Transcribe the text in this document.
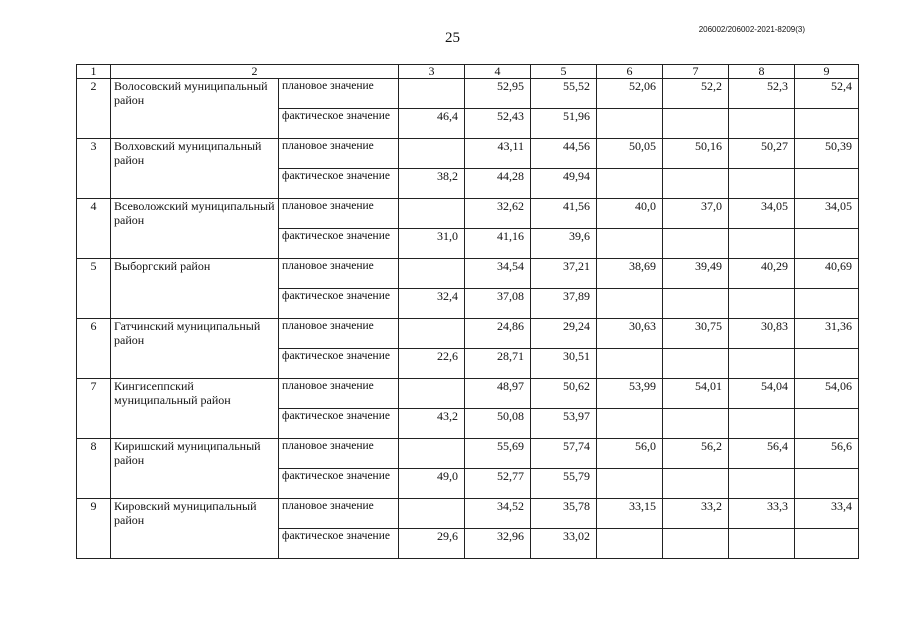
25
206002/206002-2021-8209(3)
1	2		3	4	5	6	7	8	9
2	Волосовский муниципальный район	плановое значение		52,95	55,52	52,06	52,2	52,3	52,4
		фактическое значение	46,4	52,43	51,96				
3	Волховский муниципальный район	плановое значение		43,11	44,56	50,05	50,16	50,27	50,39
		фактическое значение	38,2	44,28	49,94				
4	Всеволожский муниципальный район	плановое значение		32,62	41,56	40,0	37,0	34,05	34,05
		фактическое значение	31,0	41,16	39,6				
5	Выборгский район	плановое значение		34,54	37,21	38,69	39,49	40,29	40,69
		фактическое значение	32,4	37,08	37,89				
6	Гатчинский муниципальный район	плановое значение		24,86	29,24	30,63	30,75	30,83	31,36
		фактическое значение	22,6	28,71	30,51				
7	Кингисеппский муниципальный район	плановое значение		48,97	50,62	53,99	54,01	54,04	54,06
		фактическое значение	43,2	50,08	53,97				
8	Киришский муниципальный район	плановое значение		55,69	57,74	56,0	56,2	56,4	56,6
		фактическое значение	49,0	52,77	55,79				
9	Кировский муниципальный район	плановое значение		34,52	35,78	33,15	33,2	33,3	33,4
		фактическое значение	29,6	32,96	33,02				
